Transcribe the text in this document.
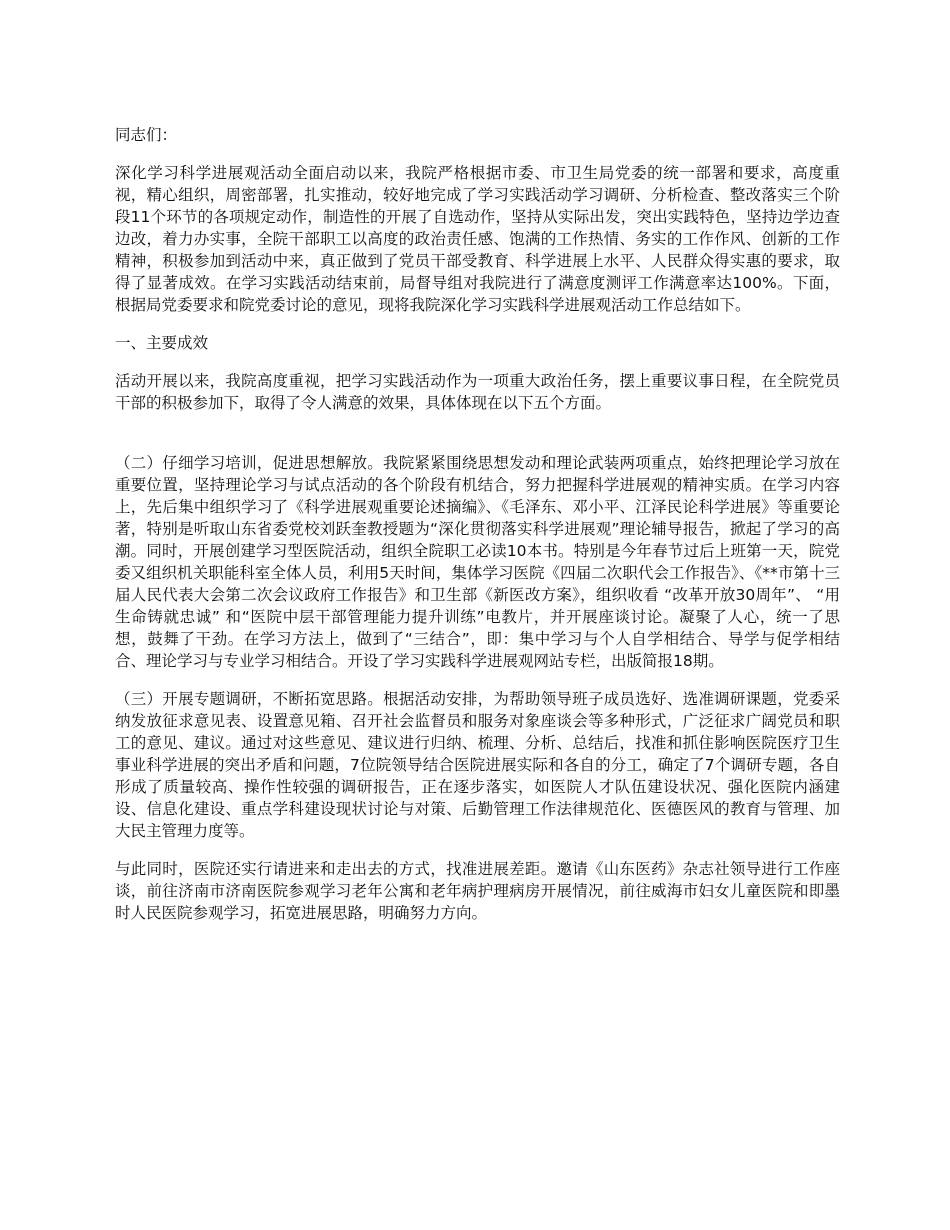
同志们：

深化学习科学进展观活动全面启动以来，我院严格根据市委、市卫生局党委的统一部署和要求，高度重视，精心组织，周密部署，扎实推动，较好地完成了学习实践活动学习调研、分析检查、整改落实三个阶段11个环节的各项规定动作，制造性的开展了自选动作，坚持从实际出发，突出实践特色，坚持边学边查边改，着力办实事，全院干部职工以高度的政治责任感、饱满的工作热情、务实的工作作风、创新的工作精神，积极参加到活动中来，真正做到了党员干部受教育、科学进展上水平、人民群众得实惠的要求，取得了显著成效。在学习实践活动结束前，局督导组对我院进行了满意度测评工作满意率达100%。下面，根据局党委要求和院党委讨论的意见，现将我院深化学习实践科学进展观活动工作总结如下。

一、主要成效

活动开展以来，我院高度重视，把学习实践活动作为一项重大政治任务，摆上重要议事日程，在全院党员干部的积极参加下，取得了令人满意的效果，具体体现在以下五个方面。

（二）仔细学习培训，促进思想解放。我院紧紧围绕思想发动和理论武装两项重点，始终把理论学习放在重要位置，坚持理论学习与试点活动的各个阶段有机结合，努力把握科学进展观的精神实质。在学习内容上，先后集中组织学习了《科学进展观重要论述摘编》、《毛泽东、邓小平、江泽民论科学进展》等重要论著，特别是听取山东省委党校刘跃奎教授题为“深化贯彻落实科学进展观”理论辅导报告，掀起了学习的高潮。同时，开展创建学习型医院活动，组织全院职工必读10本书。特别是今年春节过后上班第一天，院党委又组织机关职能科室全体人员，利用5天时间，集体学习医院《四届二次职代会工作报告》、《**市第十三届人民代表大会第二次会议政府工作报告》和卫生部《新医改方案》，组织收看 “改革开放30周年”、 “用生命铸就忠诚” 和“医院中层干部管理能力提升训练”电教片，并开展座谈讨论。凝聚了人心，统一了思想，鼓舞了干劲。在学习方法上，做到了“三结合”，即：集中学习与个人自学相结合、导学与促学相结合、理论学习与专业学习相结合。开设了学习实践科学进展观网站专栏，出版简报18期。

（三）开展专题调研，不断拓宽思路。根据活动安排，为帮助领导班子成员选好、选准调研课题，党委采纳发放征求意见表、设置意见箱、召开社会监督员和服务对象座谈会等多种形式，广泛征求广阔党员和职工的意见、建议。通过对这些意见、建议进行归纳、梳理、分析、总结后，找准和抓住影响医院医疗卫生事业科学进展的突出矛盾和问题，7位院领导结合医院进展实际和各自的分工，确定了7个调研专题，各自形成了质量较高、操作性较强的调研报告，正在逐步落实，如医院人才队伍建设状况、强化医院内涵建设、信息化建设、重点学科建设现状讨论与对策、后勤管理工作法律规范化、医德医风的教育与管理、加大民主管理力度等。

与此同时，医院还实行请进来和走出去的方式，找准进展差距。邀请《山东医药》杂志社领导进行工作座谈，前往济南市济南医院参观学习老年公寓和老年病护理病房开展情况，前往威海市妇女儿童医院和即墨时人民医院参观学习，拓宽进展思路，明确努力方向。
